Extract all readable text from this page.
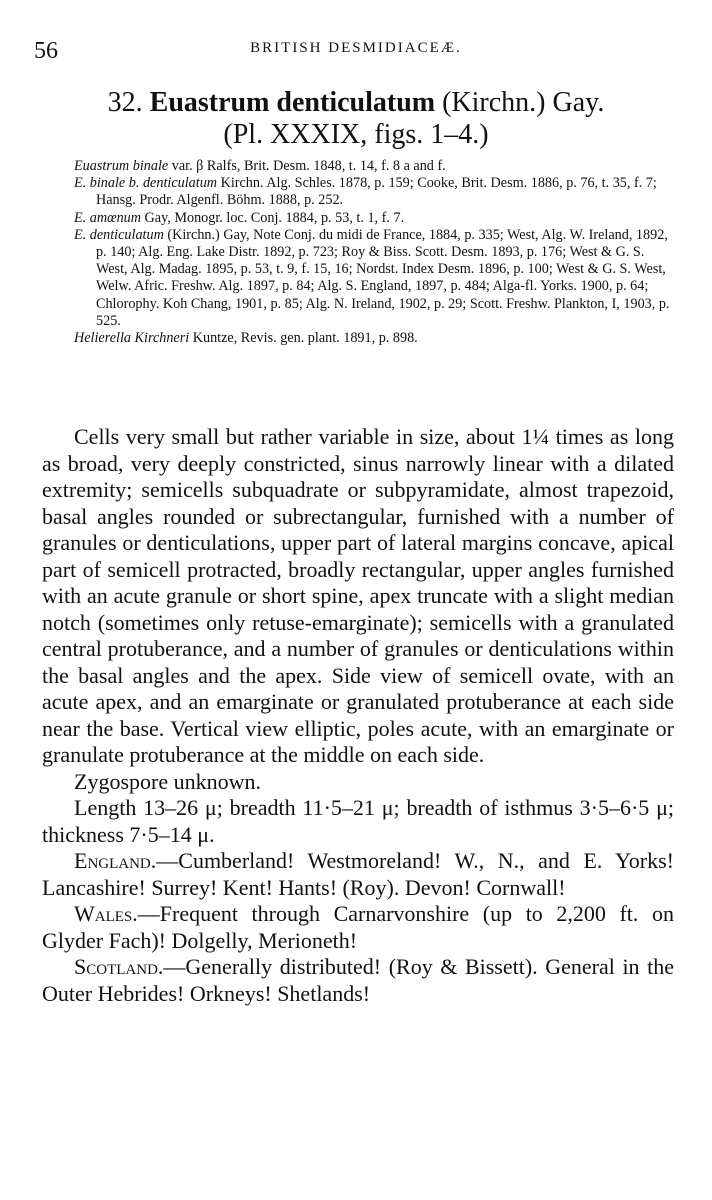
56	BRITISH DESMIDIACEÆ.
32. Euastrum denticulatum (Kirchn.) Gay.
(Pl. XXXIX, figs. 1–4.)

Euastrum binale var. β Ralfs, Brit. Desm. 1848, t. 14, f. 8 a and f.

E. binale b. denticulatum Kirchn. Alg. Schles. 1878, p. 159; Cooke, Brit. Desm. 1886, p. 76, t. 35, f. 7; Hansg. Prodr. Algenfl. Böhm. 1888, p. 252.

E. amœnum Gay, Monogr. loc. Conj. 1884, p. 53, t. 1, f. 7.

E. denticulatum (Kirchn.) Gay, Note Conj. du midi de France, 1884, p. 335; West, Alg. W. Ireland, 1892, p. 140; Alg. Eng. Lake Distr. 1892, p. 723; Roy & Biss. Scott. Desm. 1893, p. 176; West & G. S. West, Alg. Madag. 1895, p. 53, t. 9, f. 15, 16; Nordst. Index Desm. 1896, p. 100; West & G. S. West, Welw. Afric. Freshw. Alg. 1897, p. 84; Alg. S. England, 1897, p. 484; Alga-fl. Yorks. 1900, p. 64; Chlorophy. Koh Chang, 1901, p. 85; Alg. N. Ireland, 1902, p. 29; Scott. Freshw. Plankton, I, 1903, p. 525.

Helierella Kirchneri Kuntze, Revis. gen. plant. 1891, p. 898.

Cells very small but rather variable in size, about 1¼ times as long as broad, very deeply constricted, sinus narrowly linear with a dilated extremity; semicells subquadrate or subpyramidate, almost trapezoid, basal angles rounded or subrectangular, furnished with a number of granules or denticulations, upper part of lateral margins concave, apical part of semicell protracted, broadly rectangular, upper angles furnished with an acute granule or short spine, apex truncate with a slight median notch (sometimes only retuse-emarginate); semicells with a granulated central protuberance, and a number of granules or denticulations within the basal angles and the apex. Side view of semicell ovate, with an acute apex, and an emarginate or granulated protuberance at each side near the base. Vertical view elliptic, poles acute, with an emarginate or granulate protuberance at the middle on each side.

Zygospore unknown.

Length 13–26 μ; breadth 11·5–21 μ; breadth of isthmus 3·5–6·5 μ; thickness 7·5–14 μ.

England.—Cumberland! Westmoreland! W., N., and E. Yorks! Lancashire! Surrey! Kent! Hants! (Roy). Devon! Cornwall!

Wales.—Frequent through Carnarvonshire (up to 2,200 ft. on Glyder Fach)! Dolgelly, Merioneth!

Scotland.—Generally distributed! (Roy & Bissett). General in the Outer Hebrides! Orkneys! Shetlands!
